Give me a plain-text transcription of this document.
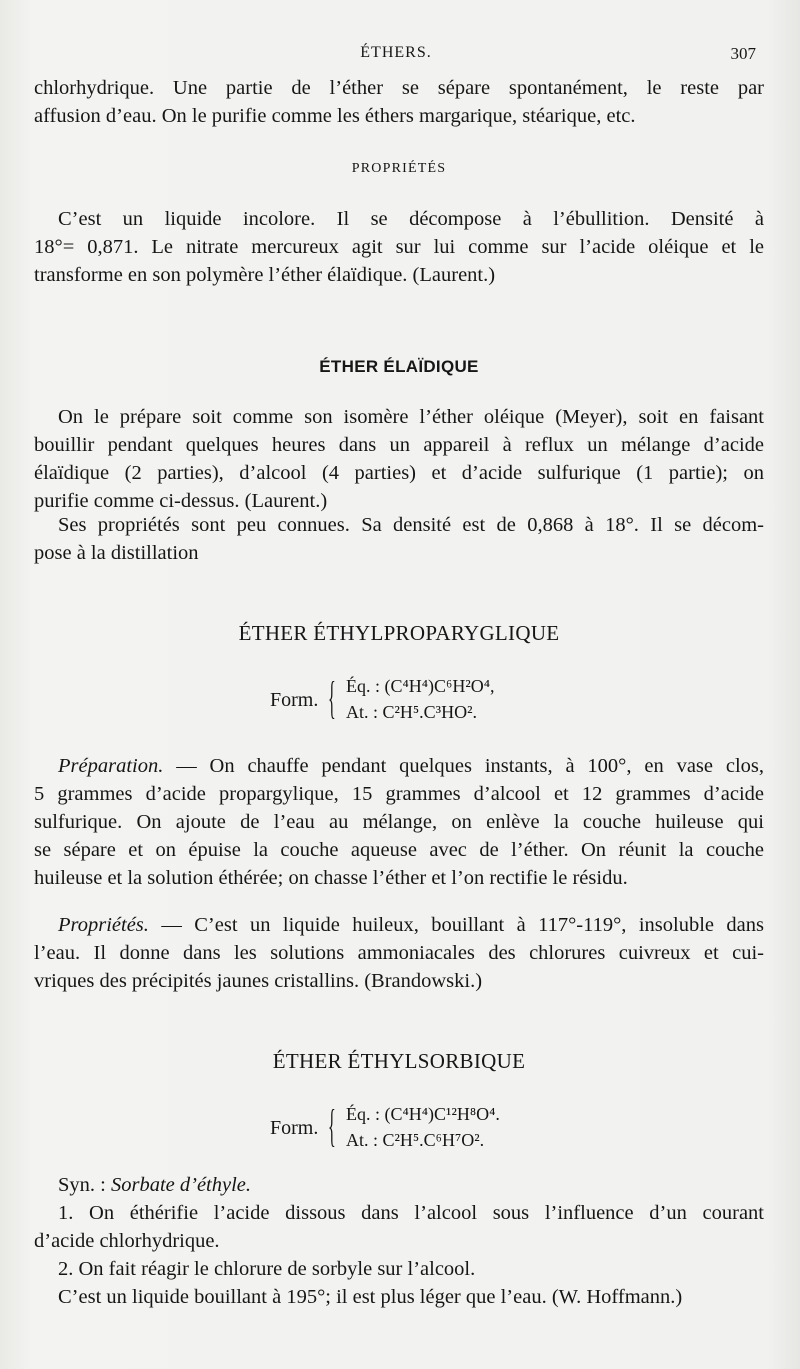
ÉTHERS.	307
chlorhydrique. Une partie de l’éther se sépare spontanément, le reste par
affusion d’eau. On le purifie comme les éthers margarique, stéarique, etc.
PROPRIÉTÉS
C’est un liquide incolore. Il se décompose à l’ébullition. Densité à
18°= 0,871. Le nitrate mercureux agit sur lui comme sur l’acide oléique et le
transforme en son polymère l’éther élaïdique. (Laurent.)
ÉTHER ÉLAÏDIQUE
On le prépare soit comme son isomère l’éther oléique (Meyer), soit en faisant
bouillir pendant quelques heures dans un appareil à reflux un mélange d’acide
élaïdique (2 parties), d’alcool (4 parties) et d’acide sulfurique (1 partie); on
purifie comme ci-dessus. (Laurent.)
Ses propriétés sont peu connues. Sa densité est de 0,868 à 18°. Il se décom-
pose à la distillation
ÉTHER ÉTHYLPROPARYGLIQUE
Form. { Éq. : (C⁴H⁴)C⁶H²O⁴,
At. : C²H⁵.C³HO².
Préparation. — On chauffe pendant quelques instants, à 100°, en vase clos,
5 grammes d’acide propargylique, 15 grammes d’alcool et 12 grammes d’acide
sulfurique. On ajoute de l’eau au mélange, on enlève la couche huileuse qui
se sépare et on épuise la couche aqueuse avec de l’éther. On réunit la couche
huileuse et la solution éthérée; on chasse l’éther et l’on rectifie le résidu.
Propriétés. — C’est un liquide huileux, bouillant à 117°-119°, insoluble dans
l’eau. Il donne dans les solutions ammoniacales des chlorures cuivreux et cui-
vriques des précipités jaunes cristallins. (Brandowski.)
ÉTHER ÉTHYLSORBIQUE
Form. { Éq. : (C⁴H⁴)C¹²H⁸O⁴.
At. : C²H⁵.C⁶H⁷O².
Syn. : Sorbate d’éthyle.
1. On éthérifie l’acide dissous dans l’alcool sous l’influence d’un courant
d’acide chlorhydrique.
2. On fait réagir le chlorure de sorbyle sur l’alcool.
C’est un liquide bouillant à 195°; il est plus léger que l’eau. (W. Hoffmann.)
